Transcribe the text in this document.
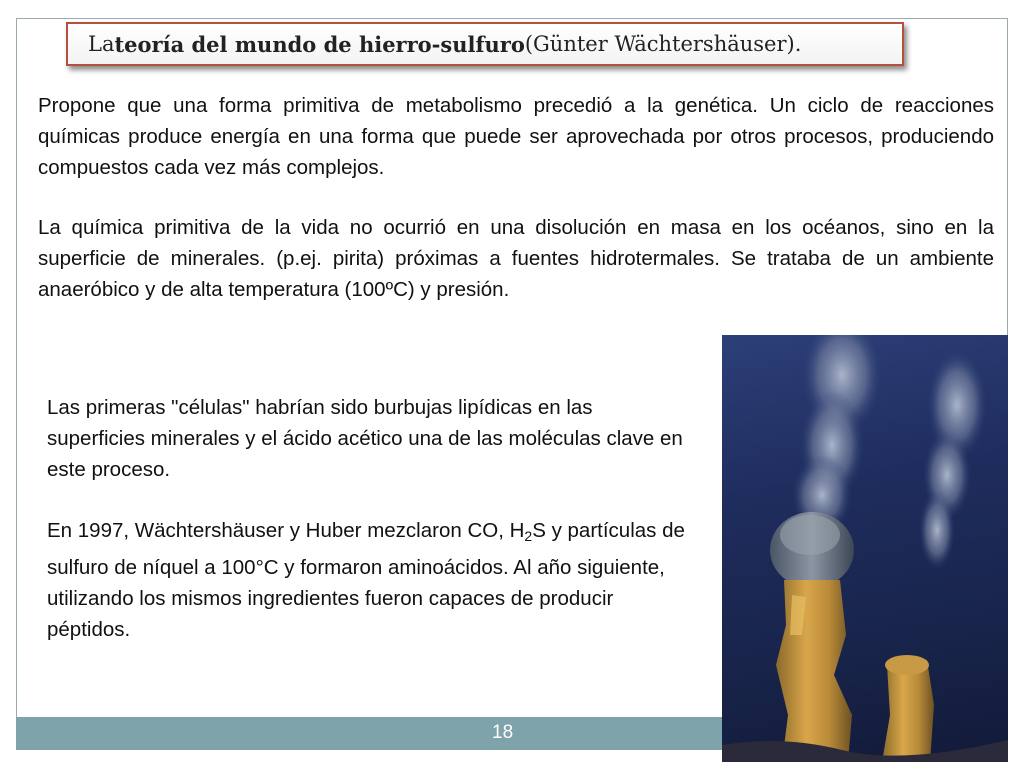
La teoría del mundo de hierro-sulfuro (Günter Wächtershäuser).

Propone que una forma primitiva de metabolismo precedió a la genética. Un ciclo de reacciones químicas produce energía en una forma que puede ser aprovechada por otros procesos, produciendo compuestos cada vez más complejos.

La química primitiva de la vida no ocurrió en una disolución en masa en los océanos, sino en la superficie de minerales. (p.ej. pirita) próximas a fuentes hidrotermales. Se trataba de un ambiente anaeróbico y de alta temperatura (100ºC) y presión.

Las primeras "células" habrían sido burbujas lipídicas en las superficies minerales y el ácido acético una de las moléculas clave en este proceso.

En 1997, Wächtershäuser y Huber mezclaron CO, $H_2S$ y partículas de sulfuro de níquel a 100°C y formaron aminoácidos. Al año siguiente, utilizando los mismos ingredientes fueron capaces de producir péptidos.

18
